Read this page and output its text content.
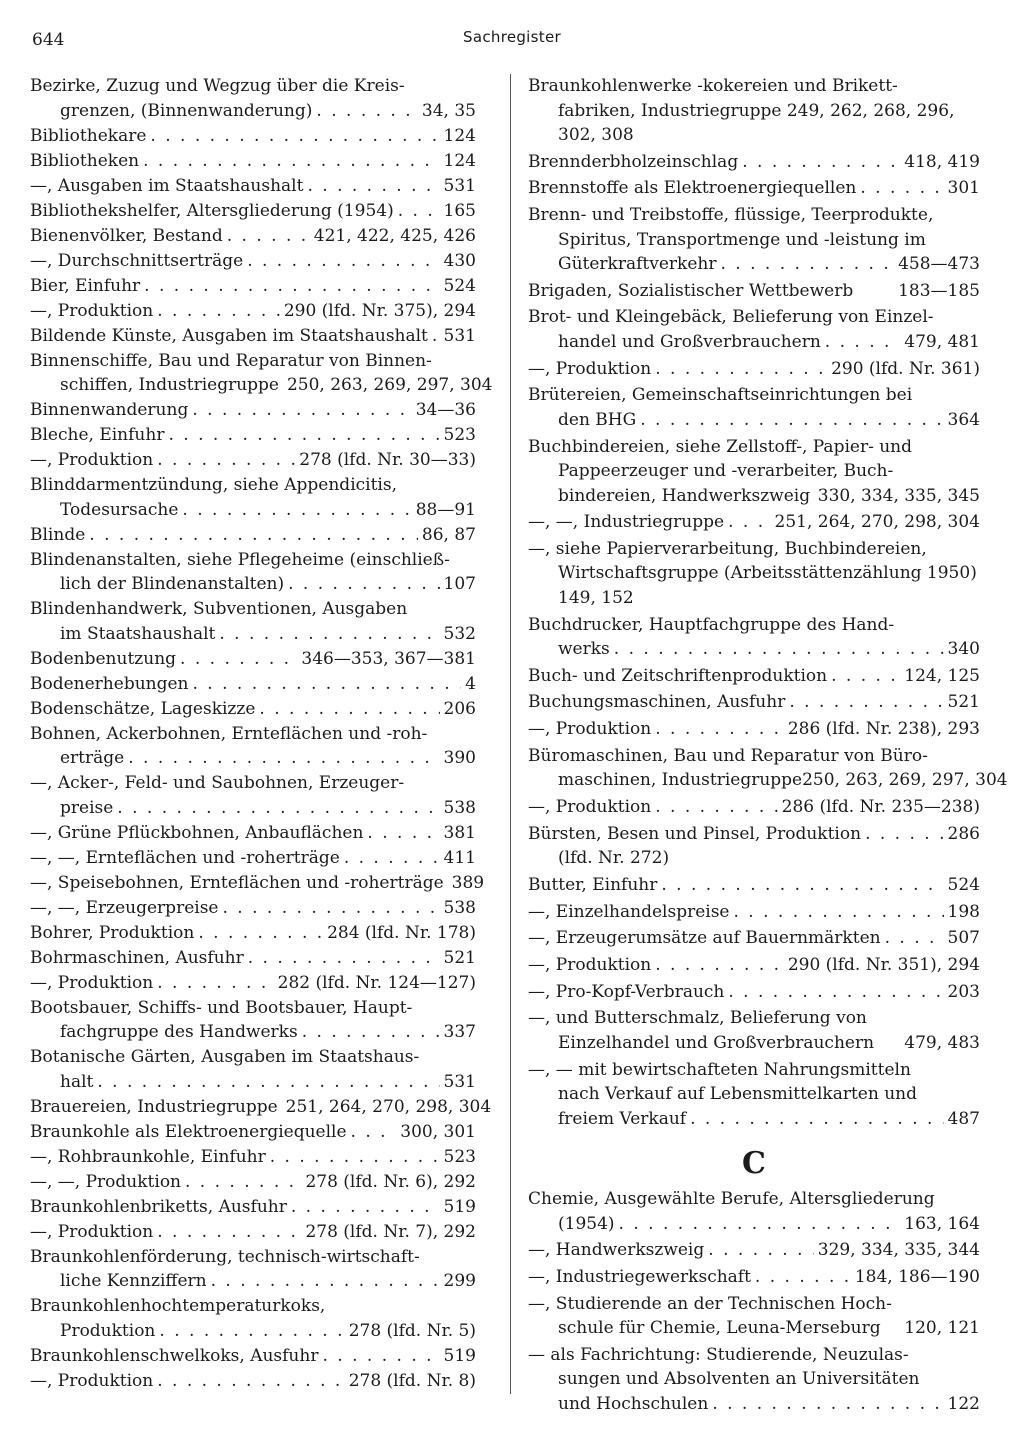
644	Sachregister
Bezirke, Zuzug und Wegzug über die Kreis-
grenzen, (Binnenwanderung) . . .	34, 35
Bibliothekare . . .	124
Bibliotheken . . .	124
—, Ausgaben im Staatshaushalt . . .	531
Bibliothekshelfer, Altersgliederung (1954) . . .	165
Bienenvölker, Bestand . . .	421, 422, 425, 426
—, Durchschnittserträge . . .	430
Bier, Einfuhr . . .	524
—, Produktion . . .	290 (lfd. Nr. 375), 294
Bildende Künste, Ausgaben im Staatshaushalt . . . 531
Binnenschiffe, Bau und Reparatur von Binnen-
schiffen, Industriegruppe 250, 263, 269, 297, 304
Binnenwanderung . . .	34—36
Bleche, Einfuhr . . .	523
—, Produktion . . .	278 (lfd. Nr. 30—33)
Blinddarmentzündung, siehe Appendicitis,
Todesursache . . .	88—91
Blinde . . .	86, 87
Blindenanstalten, siehe Pflegeheime (einschließ-
lich der Blindenanstalten) . . .	107
Blindenhandwerk, Subventionen, Ausgaben
im Staatshaushalt . . .	532
Bodenbenutzung . . .	346—353, 367—381
Bodenerhebungen . . .	4
Bodenschätze, Lageskizze . . .	206
Bohnen, Ackerbohnen, Ernteflächen und -roh-
erträge . . .	390
—, Acker-, Feld- und Saubohnen, Erzeuger-
preise . . .	538
—, Grüne Pflückbohnen, Anbauflächen . . .	381
—, —, Ernteflächen und -roherträge . . .	411
—, Speisebohnen, Ernteflächen und -roherträge 389
—, —, Erzeugerpreise . . .	538
Bohrer, Produktion . . .	284 (lfd. Nr. 178)
Bohrmaschinen, Ausfuhr . . .	521
—, Produktion . . .	282 (lfd. Nr. 124—127)
Bootsbauer, Schiffs- und Bootsbauer, Haupt-
fachgruppe des Handwerks . . .	337
Botanische Gärten, Ausgaben im Staatshaus-
halt . . .	531
Brauereien, Industriegruppe 251, 264, 270, 298, 304
Braunkohle als Elektroenergiequelle . . .	300, 301
—, Rohbraunkohle, Einfuhr . . .	523
—, —, Produktion . . .	278 (lfd. Nr. 6), 292
Braunkohlenbriketts, Ausfuhr . . .	519
—, Produktion . . .	278 (lfd. Nr. 7), 292
Braunkohlenförderung, technisch-wirtschaft-
liche Kennziffern . . .	299
Braunkohlenhochtemperaturkoks,
Produktion . . .	278 (lfd. Nr. 5)
Braunkohlenschwelkoks, Ausfuhr . . .	519
—, Produktion . . .	278 (lfd. Nr. 8)
Braunkohlenwerke -kokereien und Brikett-
fabriken, Industriegruppe 249, 262, 268, 296,
302, 308
Brennderbholzeinschlag . . .	418, 419
Brennstoffe als Elektroenergiequellen . . .	301
Brenn- und Treibstoffe, flüssige, Teerprodukte,
Spiritus, Transportmenge und -leistung im
Güterkraftverkehr . . .	458—473
Brigaden, Sozialistischer Wettbewerb	183—185
Brot- und Kleingebäck, Belieferung von Einzel-
handel und Großverbrauchern . . .	479, 481
—, Produktion . . .	290 (lfd. Nr. 361)
Brütereien, Gemeinschaftseinrichtungen bei
den BHG . . .	364
Buchbindereien, siehe Zellstoff-, Papier- und
Pappeerzeuger und -verarbeiter, Buch-
bindereien, Handwerkszweig 330, 334, 335, 345
—, —, Industriegruppe . . .	251, 264, 270, 298, 304
—, siehe Papierverarbeitung, Buchbindereien,
Wirtschaftsgruppe (Arbeitsstättenzählung 1950)
149, 152
Buchdrucker, Hauptfachgruppe des Hand-
werks . . .	340
Buch- und Zeitschriftenproduktion . . .	124, 125
Buchungsmaschinen, Ausfuhr . . .	521
—, Produktion . . .	286 (lfd. Nr. 238), 293
Büromaschinen, Bau und Reparatur von Büro-
maschinen, Industriegruppe 250, 263, 269, 297, 304
—, Produktion . . .	286 (lfd. Nr. 235—238)
Bürsten, Besen und Pinsel, Produktion . . .	286
(lfd. Nr. 272)
Butter, Einfuhr . . .	524
—, Einzelhandelspreise . . .	198
—, Erzeugerumsätze auf Bauernmärkten . . .	507
—, Produktion . . .	290 (lfd. Nr. 351), 294
—, Pro-Kopf-Verbrauch . . .	203
—, und Butterschmalz, Belieferung von
Einzelhandel und Großverbrauchern 479, 483
—, — mit bewirtschafteten Nahrungsmitteln
nach Verkauf auf Lebensmittelkarten und
freiem Verkauf . . .	487
C
Chemie, Ausgewählte Berufe, Altersgliederung
(1954) . . .	163, 164
—, Handwerkszweig . . .	329, 334, 335, 344
—, Industriegewerkschaft . . .	184, 186—190
—, Studierende an der Technischen Hoch-
schule für Chemie, Leuna-Merseburg 120, 121
— als Fachrichtung: Studierende, Neuzulas-
sungen und Absolventen an Universitäten
und Hochschulen . . .	122
